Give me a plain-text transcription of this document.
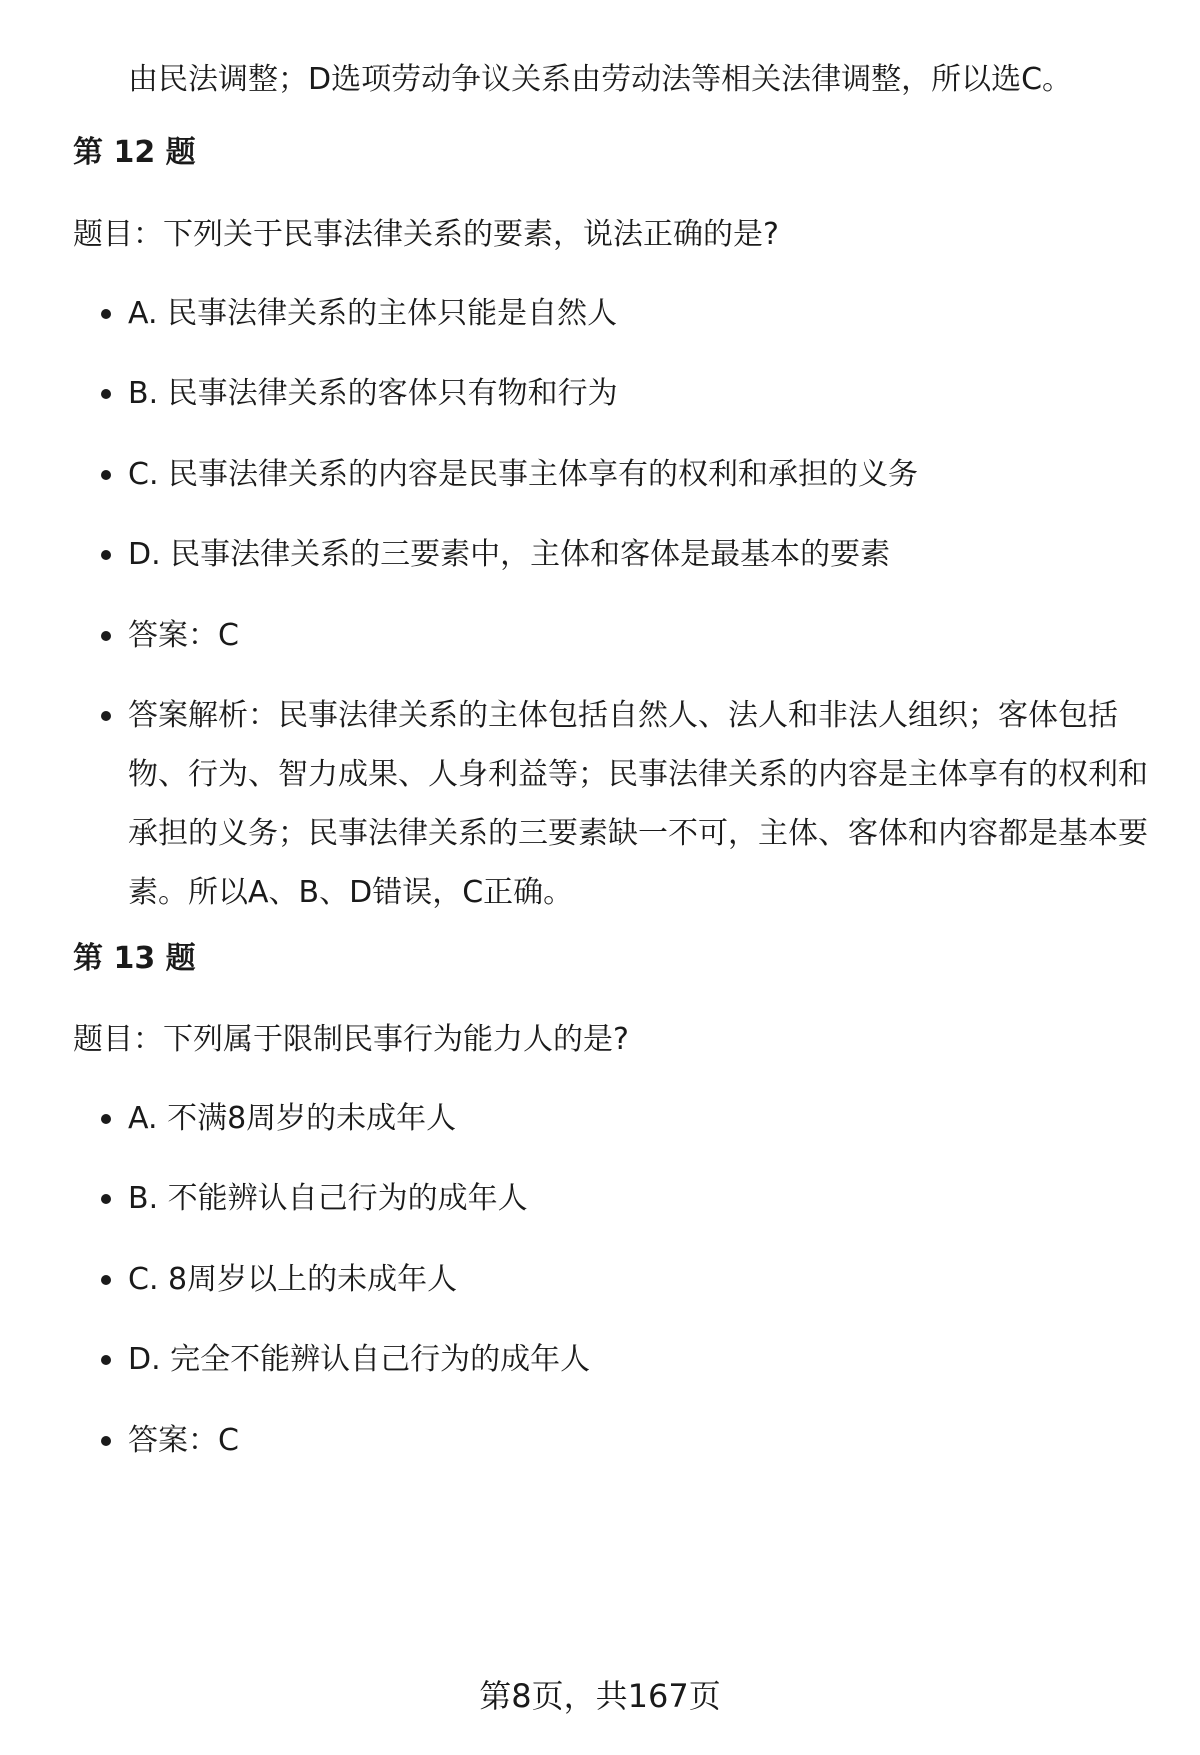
由民法调整；D选项劳动争议关系由劳动法等相关法律调整，所以选C。
第 12 题
题目：下列关于民事法律关系的要素，说法正确的是?
A. 民事法律关系的主体只能是自然人
B. 民事法律关系的客体只有物和行为
C. 民事法律关系的内容是民事主体享有的权利和承担的义务
D. 民事法律关系的三要素中，主体和客体是最基本的要素
答案：C
答案解析：民事法律关系的主体包括自然人、法人和非法人组织；客体包括物、行为、智力成果、人身利益等；民事法律关系的内容是主体享有的权利和承担的义务；民事法律关系的三要素缺一不可，主体、客体和内容都是基本要素。所以A、B、D错误，C正确。
第 13 题
题目：下列属于限制民事行为能力人的是?
A. 不满8周岁的未成年人
B. 不能辨认自己行为的成年人
C. 8周岁以上的未成年人
D. 完全不能辨认自己行为的成年人
答案：C
第8页，共167页
